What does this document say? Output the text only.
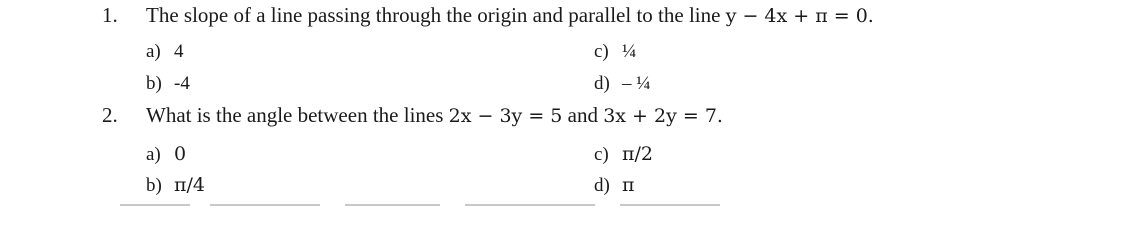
1. The slope of a line passing through the origin and parallel to the line y − 4x + π = 0.
a) 4	c) ¼
b) -4	d) – ¼
2. What is the angle between the lines 2x − 3y = 5 and 3x + 2y = 7.
a) 0	c) π/2
b) π/4	d) π
